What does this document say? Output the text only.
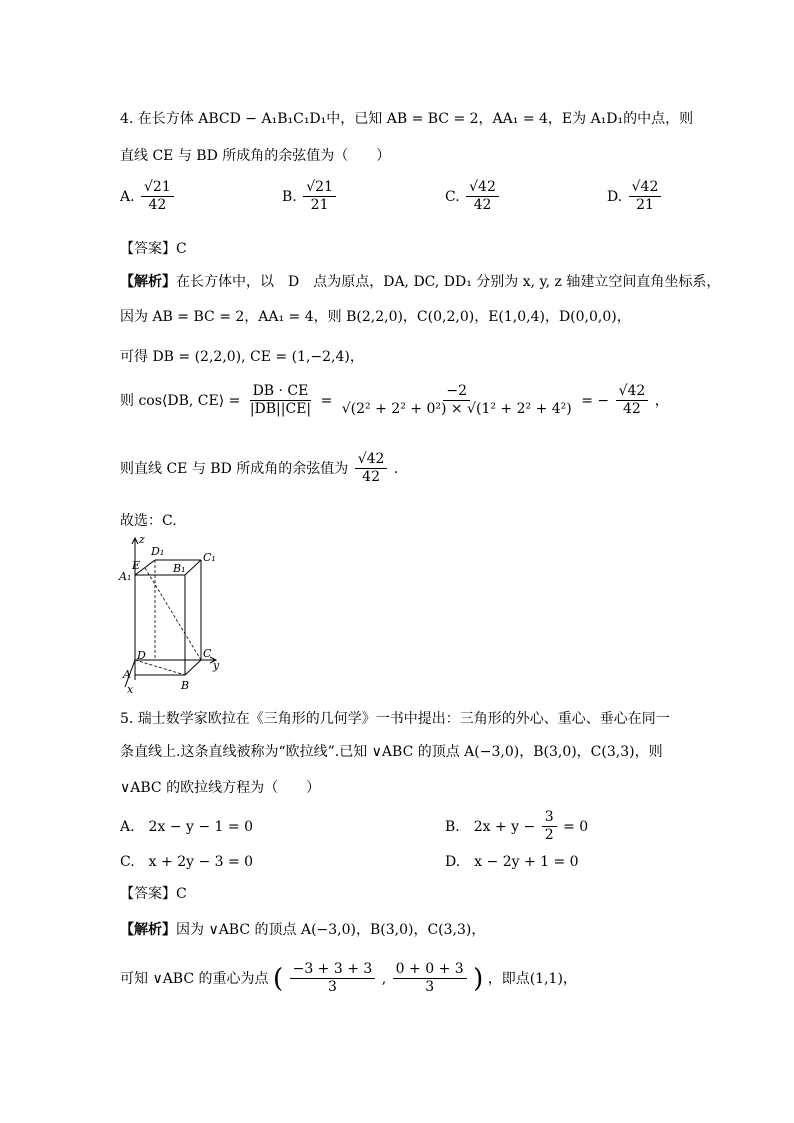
4. 在长方体 ABCD − A₁B₁C₁D₁中，已知 AB = BC = 2，AA₁ = 4，E为 A₁D₁的中点，则
直线 CE 与 BD 所成角的余弦值为（　　）
A. $\frac{√21}{42}$	B. $\frac{√21}{21}$	C. $\frac{√42}{42}$	D. $\frac{√42}{21}$
【答案】C
【解析】在长方体中，以　D　点为原点，DA, DC, DD₁ 分别为 x, y, z 轴建立空间直角坐标系，
因为 AB = BC = 2，AA₁ = 4，则 B(2,2,0)，C(0,2,0)，E(1,0,4)，D(0,0,0)，
可得 DB = (2,2,0), CE = (1,−2,4)，
则 cos⟨DB, CE⟩ = $\frac{DB \cdot CE}{|DB||CE|} = \frac{-2}{\text{√(2² + 2² + 0²) × √(1² + 2² + 4²)}}$ = − $\frac{√42}{42}$ ，
则直线 CE 与 BD 所成角的余弦值为 $\frac{√42}{42}$ .
故选：C.
z
D₁	C₁
E	B₁
A₁
D	C
y
A
B
x
5. 瑞士数学家欧拉在《三角形的几何学》一书中提出：三角形的外心、重心、垂心在同一
条直线上.这条直线被称为“欧拉线”.已知 ∨ABC 的顶点 A(−3,0)，B(3,0)，C(3,3)，则
∨ABC 的欧拉线方程为（　　）
A.　2x − y − 1 = 0	B.　$2x + y - \frac{3}{2} = 0$
C.　x + 2y − 3 = 0	D.　x − 2y + 1 = 0
【答案】C
【解析】因为 ∨ABC 的顶点 A(−3,0)，B(3,0)，C(3,3)，
可知 ∨ABC 的重心为点 ( $\frac{-3 + 3 + 3}{3}$ , $\frac{0 + 0 + 3}{3}$ ) ，即点(1,1)，
